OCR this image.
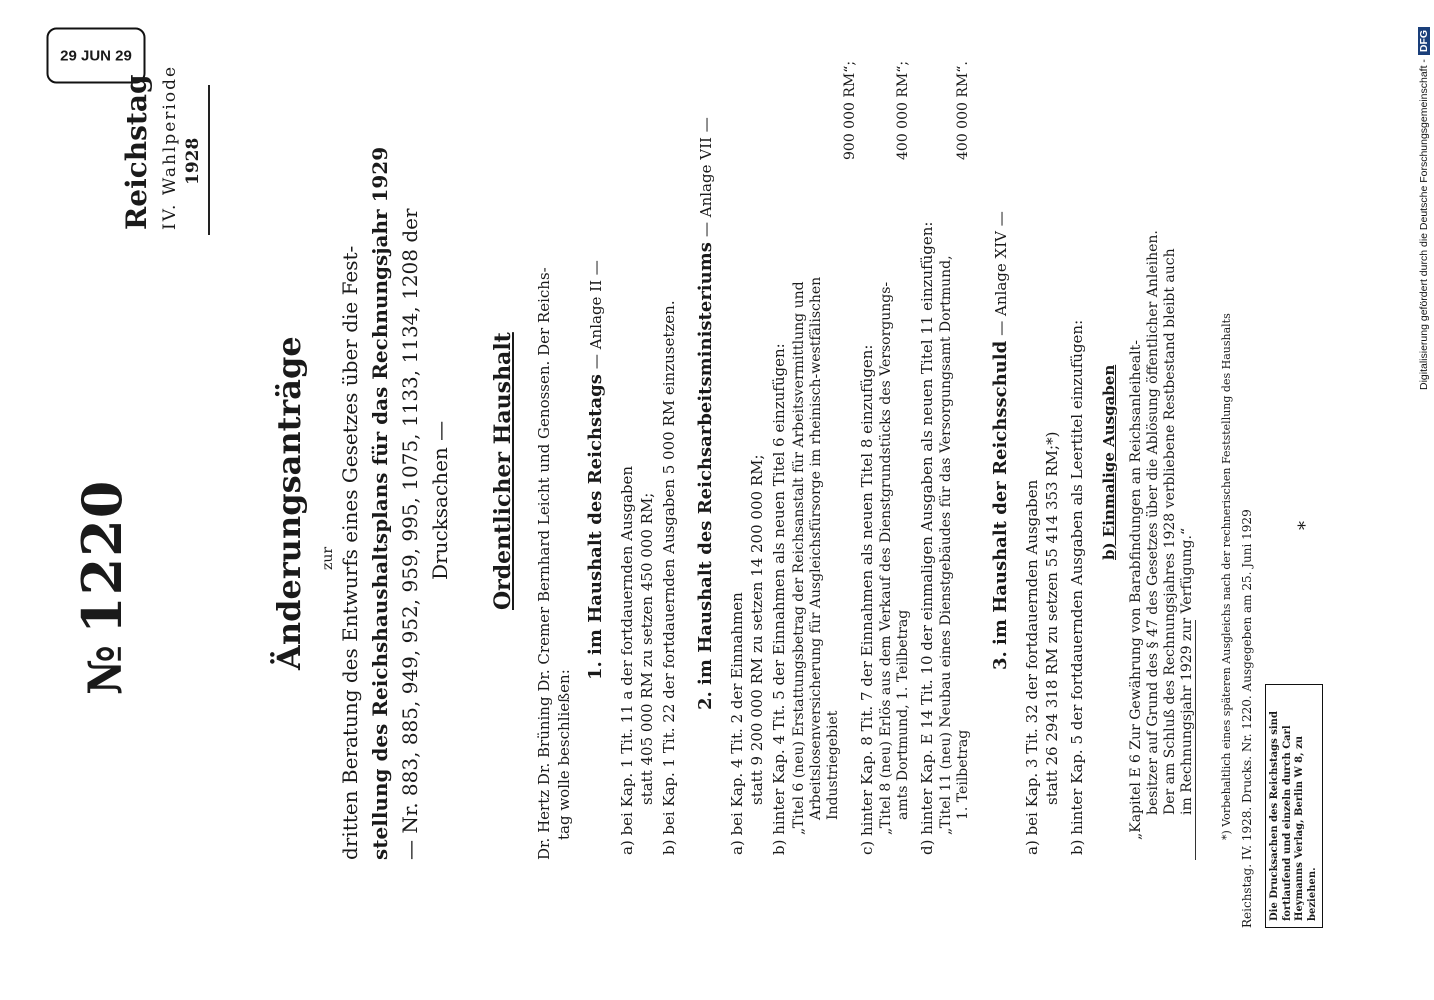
29 JUN 29
№1220
Reichstag IV. Wahlperiode 1928
Änderungsanträge zur dritten Beratung des Entwurfs eines Gesetzes über die Fest- stellung des Reichshaushaltsplans für das Rechnungsjahr 1929 — Nr. 883, 885, 949, 952, 959, 995, 1075, 1133, 1134, 1208 der Drucksachen — Ordentlicher Haushalt Dr. Hertz Dr. Brüning Dr. Cremer Bernhard Leicht und Genossen. Der Reichs- tag wolle beschließen:
1. im Haushalt des Reichstags — Anlage II —
a) bei Kap. 1 Tit. 11 a der fortdauernden Ausgaben statt 405 000 RM zu setzen 450 000 RM; b) bei Kap. 1 Tit. 22 der fortdauernden Ausgaben 5 000 RM einzusetzen. 2. im Haushalt des Reichsarbeitsministeriums — Anlage VII —
a) bei Kap. 4 Tit. 2 der Einnahmen statt 9 200 000 RM zu setzen 14 200 000 RM; b) hinter Kap. 4 Tit. 5 der Einnahmen als neuen Titel 6 einzufügen: „Titel 6 (neu) Erstattungsbetrag der Reichsanstalt für Arbeitsvermittlung und Arbeitslosenversicherung für Ausgleichsfürsorge im rheinisch-westfälischen Industriegebiet
900 000 RM“;
c) hinter Kap. 8 Tit. 7 der Einnahmen als neuen Titel 8 einzufügen: „Titel 8 (neu) Erlös aus dem Verkauf des Dienstgrundstücks des Versorgungs- amts Dortmund, 1. Teilbetrag
400 000 RM“;
d) hinter Kap. E 14 Tit. 10 der einmaligen Ausgaben als neuen Titel 11 einzufügen: „Titel 11 (neu) Neubau eines Dienstgebäudes für das Versorgungsamt Dortmund, 1. Teilbetrag
400 000 RM“.
3. im Haushalt der Reichsschuld — Anlage XIV —
a) bei Kap. 3 Tit. 32 der fortdauernden Ausgaben statt 26 294 318 RM zu setzen 55 414 353 RM;*) b) hinter Kap. 5 der fortdauernden Ausgaben als Leertitel einzufügen: b) Einmalige Ausgaben „Kapitel E 6 Zur Gewährung von Barabfindungen an Reichsanleihealt- besitzer auf Grund des § 47 des Gesetzes über die Ablösung öffentlicher Anleihen. Der am Schluß des Rechnungsjahres 1928 verbliebene Restbestand bleibt auch im Rechnungsjahr 1929 zur Verfügung.“ *) Vorbehaltlich eines späteren Ausgleichs nach der rechnerischen Feststellung des Haushalts Reichstag. IV. 1928. Drucks. Nr. 1220. Ausgegeben am 25. Juni 1929	Die Drucksachen des Reichstags sind fortlaufend und einzeln durch Carl Heymanns Verlag, Berlin W 8, zu beziehen.
*
Digitalisierung gefördert durch die Deutsche Forschungsgemeinschaft -DFG
